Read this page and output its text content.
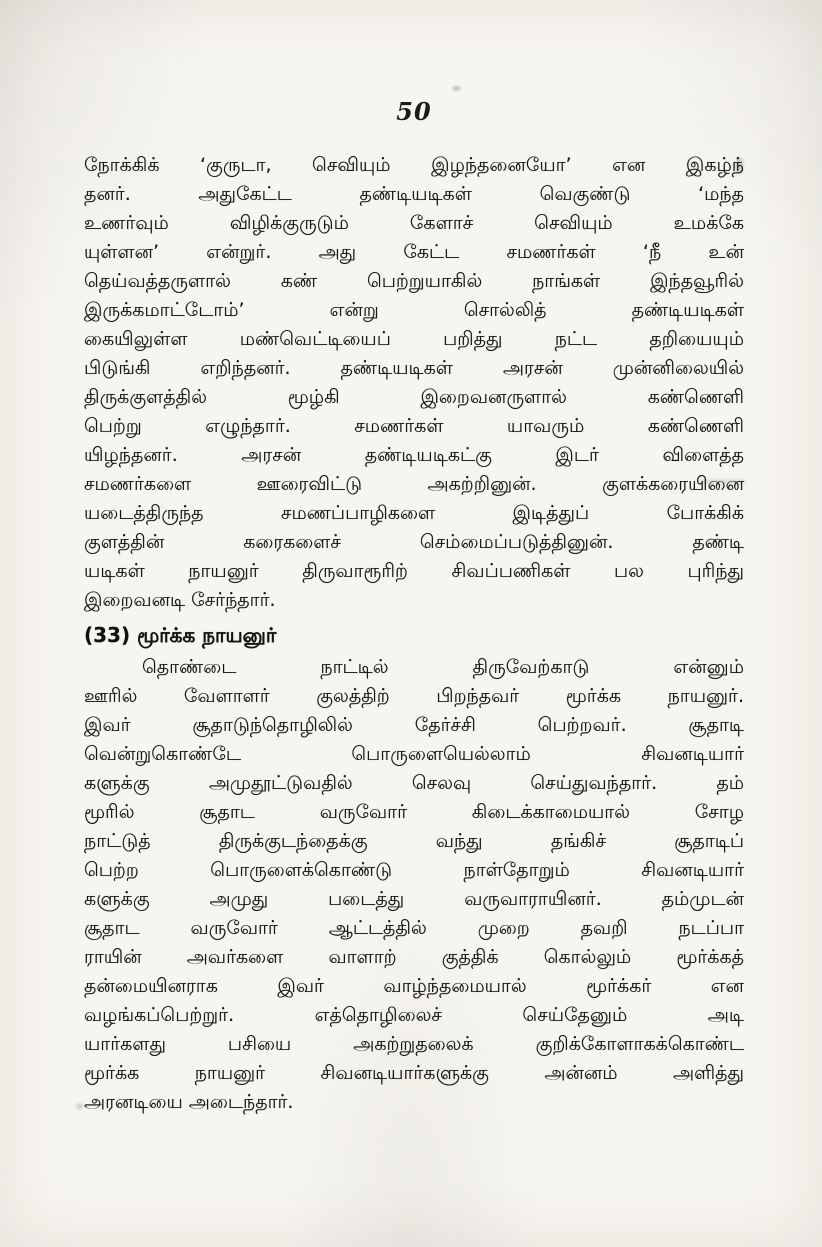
50
நோக்கிக் ‘குருடா, செவியும் இழந்தனையோ’ என இகழ்ந்
தனர். அதுகேட்ட தண்டியடிகள் வெகுண்டு ‘மந்த
உணர்வும் விழிக்குருடும் கேளாச் செவியும் உமக்கே
யுள்ளன’ என்றுர். அது கேட்ட சமணர்கள் ‘நீ உன்
தெய்வத்தருளால் கண் பெற்றுயாகில் நாங்கள் இந்தவூரில்
இருக்கமாட்டோம்’ என்று சொல்லித் தண்டியடிகள்
கையிலுள்ள மண்வெட்டியைப் பறித்து நட்ட தறியையும்
பிடுங்கி எறிந்தனர். தண்டியடிகள் அரசன் முன்னிலையில்
திருக்குளத்தில் மூழ்கி இறைவனருளால் கண்ணெளி
பெற்று எழுந்தார். சமணர்கள் யாவரும் கண்ணெளி
யிழந்தனர். அரசன் தண்டியடிகட்கு இடர் விளைத்த
சமணர்களை ஊரைவிட்டு அகற்றினுன். குளக்கரையினை
யடைத்திருந்த சமணப்பாழிகளை இடித்துப் போக்கிக்
குளத்தின் கரைகளைச் செம்மைப்படுத்தினுன். தண்டி
யடிகள் நாயனுர் திருவாரூரிற் சிவப்பணிகள் பல புரிந்து
இறைவனடி சேர்ந்தார்.
(33) மூர்க்க நாயனுர்
தொண்டை நாட்டில் திருவேற்காடு என்னும்
ஊரில் வேளாளர் குலத்திற் பிறந்தவர் மூர்க்க நாயனுர்.
இவர் சூதாடுந்தொழிலில் தேர்ச்சி பெற்றவர். சூதாடி
வென்றுகொண்டே பொருளையெல்லாம் சிவனடியார்
களுக்கு அமுதூட்டுவதில் செலவு செய்துவந்தார். தம்
மூரில் சூதாட வருவோர் கிடைக்காமையால் சோழ
நாட்டுத் திருக்குடந்தைக்கு வந்து தங்கிச் சூதாடிப்
பெற்ற பொருளைக்கொண்டு நாள்தோறும் சிவனடியார்
களுக்கு அமுது படைத்து வருவாராயினர். தம்முடன்
சூதாட வருவோர் ஆட்டத்தில் முறை தவறி நடப்பா
ராயின் அவர்களை வாளாற் குத்திக் கொல்லும் மூர்க்கத்
தன்மையினராக இவர் வாழ்ந்தமையால் மூர்க்கர் என
வழங்கப்பெற்றுர். எத்தொழிலைச் செய்தேனும் அடி
யார்களது பசியை அகற்றுதலைக் குறிக்கோளாகக்கொண்ட
மூர்க்க நாயனுர் சிவனடியார்களுக்கு அன்னம் அளித்து
அரனடியை அடைந்தார்.
